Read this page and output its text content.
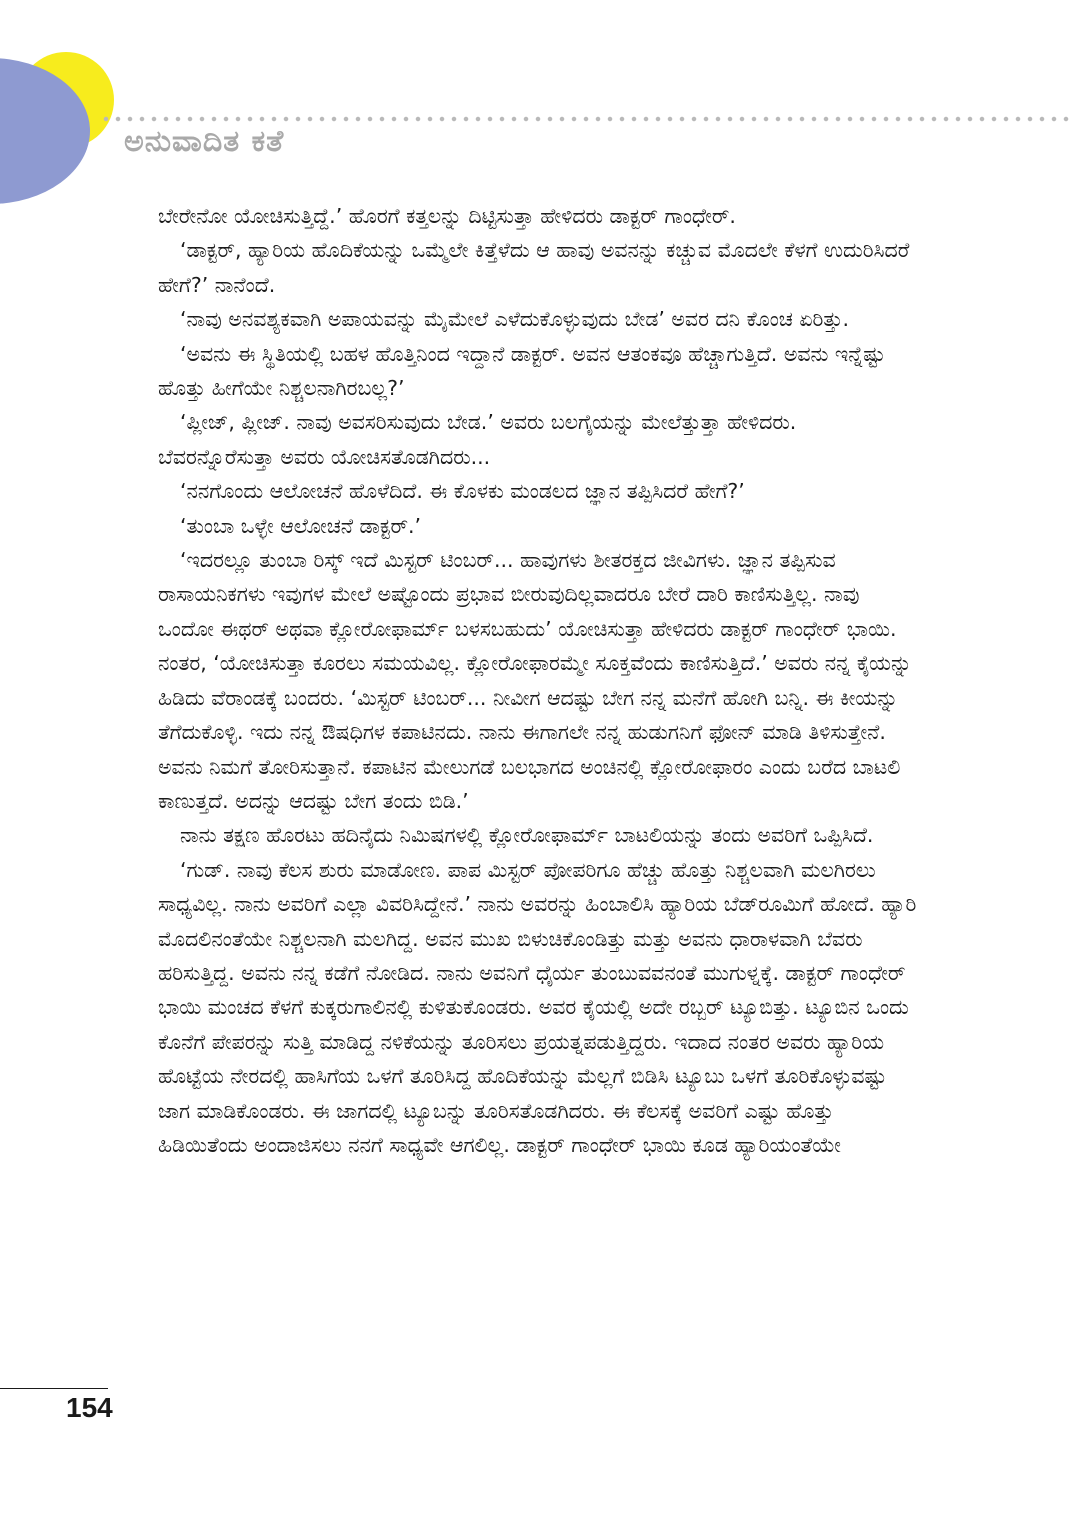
ಅನುವಾದಿತ ಕತೆ

ಬೇರೇನೋ ಯೋಚಿಸುತ್ತಿದ್ದೆ.’ ಹೊರಗೆ ಕತ್ತಲನ್ನು ದಿಟ್ಟಿಸುತ್ತಾ ಹೇಳಿದರು ಡಾಕ್ಟರ್ ಗಾಂಧೇರ್.

‘ಡಾಕ್ಟರ್, ಹ್ಯಾರಿಯ ಹೊದಿಕೆಯನ್ನು ಒಮ್ಮೆಲೇ ಕಿತ್ತೆಳೆದು ಆ ಹಾವು ಅವನನ್ನು ಕಚ್ಚುವ ಮೊದಲೇ ಕೆಳಗೆ ಉದುರಿಸಿದರೆ ಹೇಗೆ?’ ನಾನೆಂದೆ.

‘ನಾವು ಅನವಶ್ಯಕವಾಗಿ ಅಪಾಯವನ್ನು ಮೈಮೇಲೆ ಎಳೆದುಕೊಳ್ಳುವುದು ಬೇಡ’ ಅವರ ದನಿ ಕೊಂಚ ಏರಿತ್ತು.

‘ಅವನು ಈ ಸ್ಥಿತಿಯಲ್ಲಿ ಬಹಳ ಹೊತ್ತಿನಿಂದ ಇದ್ದಾನೆ ಡಾಕ್ಟರ್. ಅವನ ಆತಂಕವೂ ಹೆಚ್ಚಾಗುತ್ತಿದೆ. ಅವನು ಇನ್ನೆಷ್ಟು ಹೊತ್ತು ಹೀಗೆಯೇ ನಿಶ್ಚಲನಾಗಿರಬಲ್ಲ?’

‘ಪ್ಲೀಜ್, ಪ್ಲೀಜ್. ನಾವು ಅವಸರಿಸುವುದು ಬೇಡ.’ ಅವರು ಬಲಗೈಯನ್ನು ಮೇಲೆತ್ತುತ್ತಾ ಹೇಳಿದರು. ಬೆವರನ್ನೊರೆಸುತ್ತಾ ಅವರು ಯೋಚಿಸತೊಡಗಿದರು...

‘ನನಗೊಂದು ಆಲೋಚನೆ ಹೊಳೆದಿದೆ. ಈ ಕೊಳಕು ಮಂಡಲದ ಜ್ಞಾನ ತಪ್ಪಿಸಿದರೆ ಹೇಗೆ?’

‘ತುಂಬಾ ಒಳ್ಳೇ ಆಲೋಚನೆ ಡಾಕ್ಟರ್.’

‘ಇದರಲ್ಲೂ ತುಂಬಾ ರಿಸ್ಕ್ ಇದೆ ಮಿಸ್ಟರ್ ಟಿಂಬರ್... ಹಾವುಗಳು ಶೀತರಕ್ತದ ಜೀವಿಗಳು. ಜ್ಞಾನ ತಪ್ಪಿಸುವ ರಾಸಾಯನಿಕಗಳು ಇವುಗಳ ಮೇಲೆ ಅಷ್ಟೊಂದು ಪ್ರಭಾವ ಬೀರುವುದಿಲ್ಲವಾದರೂ ಬೇರೆ ದಾರಿ ಕಾಣಿಸುತ್ತಿಲ್ಲ. ನಾವು ಒಂದೋ ಈಥರ್ ಅಥವಾ ಕ್ಲೋರೋಫಾರ್ಮ್ ಬಳಸಬಹುದು’ ಯೋಚಿಸುತ್ತಾ ಹೇಳಿದರು ಡಾಕ್ಟರ್ ಗಾಂಧೇರ್ ಭಾಯಿ. ನಂತರ, ‘ಯೋಚಿಸುತ್ತಾ ಕೂರಲು ಸಮಯವಿಲ್ಲ. ಕ್ಲೋರೋಫಾರಮ್ಮೇ ಸೂಕ್ತವೆಂದು ಕಾಣಿಸುತ್ತಿದೆ.’ ಅವರು ನನ್ನ ಕೈಯನ್ನು ಹಿಡಿದು ವೆರಾಂಡಕ್ಕೆ ಬಂದರು. ‘ಮಿಸ್ಟರ್ ಟಿಂಬರ್... ನೀವೀಗ ಆದಷ್ಟು ಬೇಗ ನನ್ನ ಮನೆಗೆ ಹೋಗಿ ಬನ್ನಿ. ಈ ಕೀಯನ್ನು ತೆಗೆದುಕೊಳ್ಳಿ. ಇದು ನನ್ನ ಔಷಧಿಗಳ ಕಪಾಟಿನದು. ನಾನು ಈಗಾಗಲೇ ನನ್ನ ಹುಡುಗನಿಗೆ ಫೋನ್ ಮಾಡಿ ತಿಳಿಸುತ್ತೇನೆ. ಅವನು ನಿಮಗೆ ತೋರಿಸುತ್ತಾನೆ. ಕಪಾಟಿನ ಮೇಲುಗಡೆ ಬಲಭಾಗದ ಅಂಚಿನಲ್ಲಿ ಕ್ಲೋರೋಫಾರಂ ಎಂದು ಬರೆದ ಬಾಟಲಿ ಕಾಣುತ್ತದೆ. ಅದನ್ನು ಆದಷ್ಟು ಬೇಗ ತಂದು ಬಿಡಿ.’

ನಾನು ತಕ್ಷಣ ಹೊರಟು ಹದಿನೈದು ನಿಮಿಷಗಳಲ್ಲಿ ಕ್ಲೋರೋಫಾರ್ಮ್ ಬಾಟಲಿಯನ್ನು ತಂದು ಅವರಿಗೆ ಒಪ್ಪಿಸಿದೆ.

‘ಗುಡ್. ನಾವು ಕೆಲಸ ಶುರು ಮಾಡೋಣ. ಪಾಪ ಮಿಸ್ಟರ್ ಪೋಪರಿಗೂ ಹೆಚ್ಚು ಹೊತ್ತು ನಿಶ್ಚಲವಾಗಿ ಮಲಗಿರಲು ಸಾಧ್ಯವಿಲ್ಲ. ನಾನು ಅವರಿಗೆ ಎಲ್ಲಾ ವಿವರಿಸಿದ್ದೇನೆ.’ ನಾನು ಅವರನ್ನು ಹಿಂಬಾಲಿಸಿ ಹ್ಯಾರಿಯ ಬೆಡ್‌ರೂಮಿಗೆ ಹೋದೆ. ಹ್ಯಾರಿ ಮೊದಲಿನಂತೆಯೇ ನಿಶ್ಚಲನಾಗಿ ಮಲಗಿದ್ದ. ಅವನ ಮುಖ ಬಿಳುಚಿಕೊಂಡಿತ್ತು ಮತ್ತು ಅವನು ಧಾರಾಳವಾಗಿ ಬೆವರು ಹರಿಸುತ್ತಿದ್ದ. ಅವನು ನನ್ನ ಕಡೆಗೆ ನೋಡಿದ. ನಾನು ಅವನಿಗೆ ಧೈರ್ಯ ತುಂಬುವವನಂತೆ ಮುಗುಳ್ನಕ್ಕೆ. ಡಾಕ್ಟರ್ ಗಾಂಧೇರ್ ಭಾಯಿ ಮಂಚದ ಕೆಳಗೆ ಕುಕ್ಕರುಗಾಲಿನಲ್ಲಿ ಕುಳಿತುಕೊಂಡರು. ಅವರ ಕೈಯಲ್ಲಿ ಅದೇ ರಬ್ಬರ್ ಟ್ಯೂಬಿತ್ತು. ಟ್ಯೂಬಿನ ಒಂದು ಕೊನೆಗೆ ಪೇಪರನ್ನು ಸುತ್ತಿ ಮಾಡಿದ್ದ ನಳಿಕೆಯನ್ನು ತೂರಿಸಲು ಪ್ರಯತ್ನಪಡುತ್ತಿದ್ದರು. ಇದಾದ ನಂತರ ಅವರು ಹ್ಯಾರಿಯ ಹೊಟ್ಟೆಯ ನೇರದಲ್ಲಿ ಹಾಸಿಗೆಯ ಒಳಗೆ ತೂರಿಸಿದ್ದ ಹೊದಿಕೆಯನ್ನು ಮೆಲ್ಲಗೆ ಬಿಡಿಸಿ ಟ್ಯೂಬು ಒಳಗೆ ತೂರಿಕೊಳ್ಳುವಷ್ಟು ಜಾಗ ಮಾಡಿಕೊಂಡರು. ಈ ಜಾಗದಲ್ಲಿ ಟ್ಯೂಬನ್ನು ತೂರಿಸತೊಡಗಿದರು. ಈ ಕೆಲಸಕ್ಕೆ ಅವರಿಗೆ ಎಷ್ಟು ಹೊತ್ತು ಹಿಡಿಯಿತೆಂದು ಅಂದಾಜಿಸಲು ನನಗೆ ಸಾಧ್ಯವೇ ಆಗಲಿಲ್ಲ. ಡಾಕ್ಟರ್ ಗಾಂಧೇರ್ ಭಾಯಿ ಕೂಡ ಹ್ಯಾರಿಯಂತೆಯೇ

154
